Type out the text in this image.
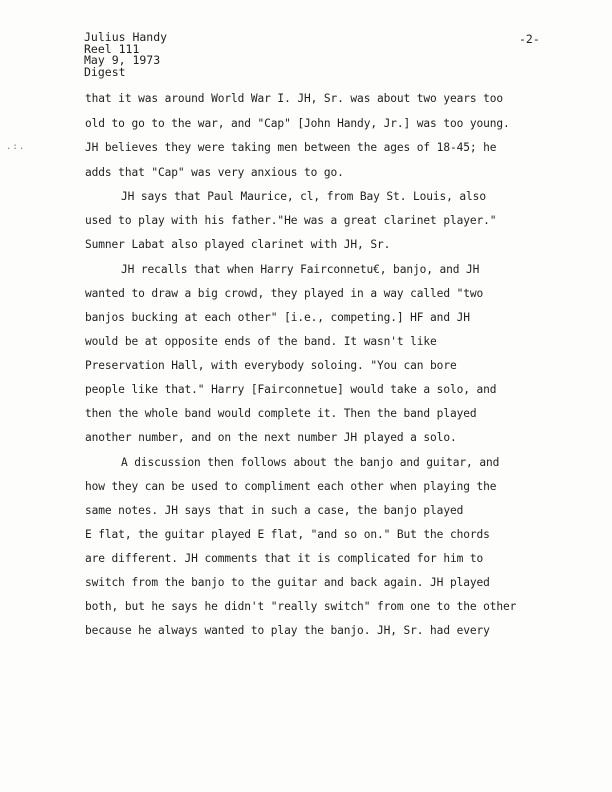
Julius Handy
Reel 111
May 9, 1973
Digest
-2-
.:.
that it was around World War I. JH, Sr. was about two years too
old to go to the war, and "Cap" [John Handy, Jr.] was too young.
JH believes they were taking men between the ages of 18-45; he
adds that "Cap" was very anxious to go.
JH says that Paul Maurice, cl, from Bay St. Louis, also
used to play with his father."He was a great clarinet player."
Sumner Labat also played clarinet with JH, Sr.
JH recalls that when Harry Fairconnetu€, banjo, and JH
wanted to draw a big crowd, they played in a way called "two
banjos bucking at each other" [i.e., competing.] HF and JH
would be at opposite ends of the band. It wasn't like
Preservation Hall, with everybody soloing. "You can bore
people like that." Harry [Fairconnetue] would take a solo, and
then the whole band would complete it. Then the band played
another number, and on the next number JH played a solo.
A discussion then follows about the banjo and guitar, and
how they can be used to compliment each other when playing the
same notes. JH says that in such a case, the banjo played
E flat, the guitar played E flat, "and so on." But the chords
are different. JH comments that it is complicated for him to
switch from the banjo to the guitar and back again. JH played
both, but he says he didn't "really switch" from one to the other
because he always wanted to play the banjo. JH, Sr. had every
